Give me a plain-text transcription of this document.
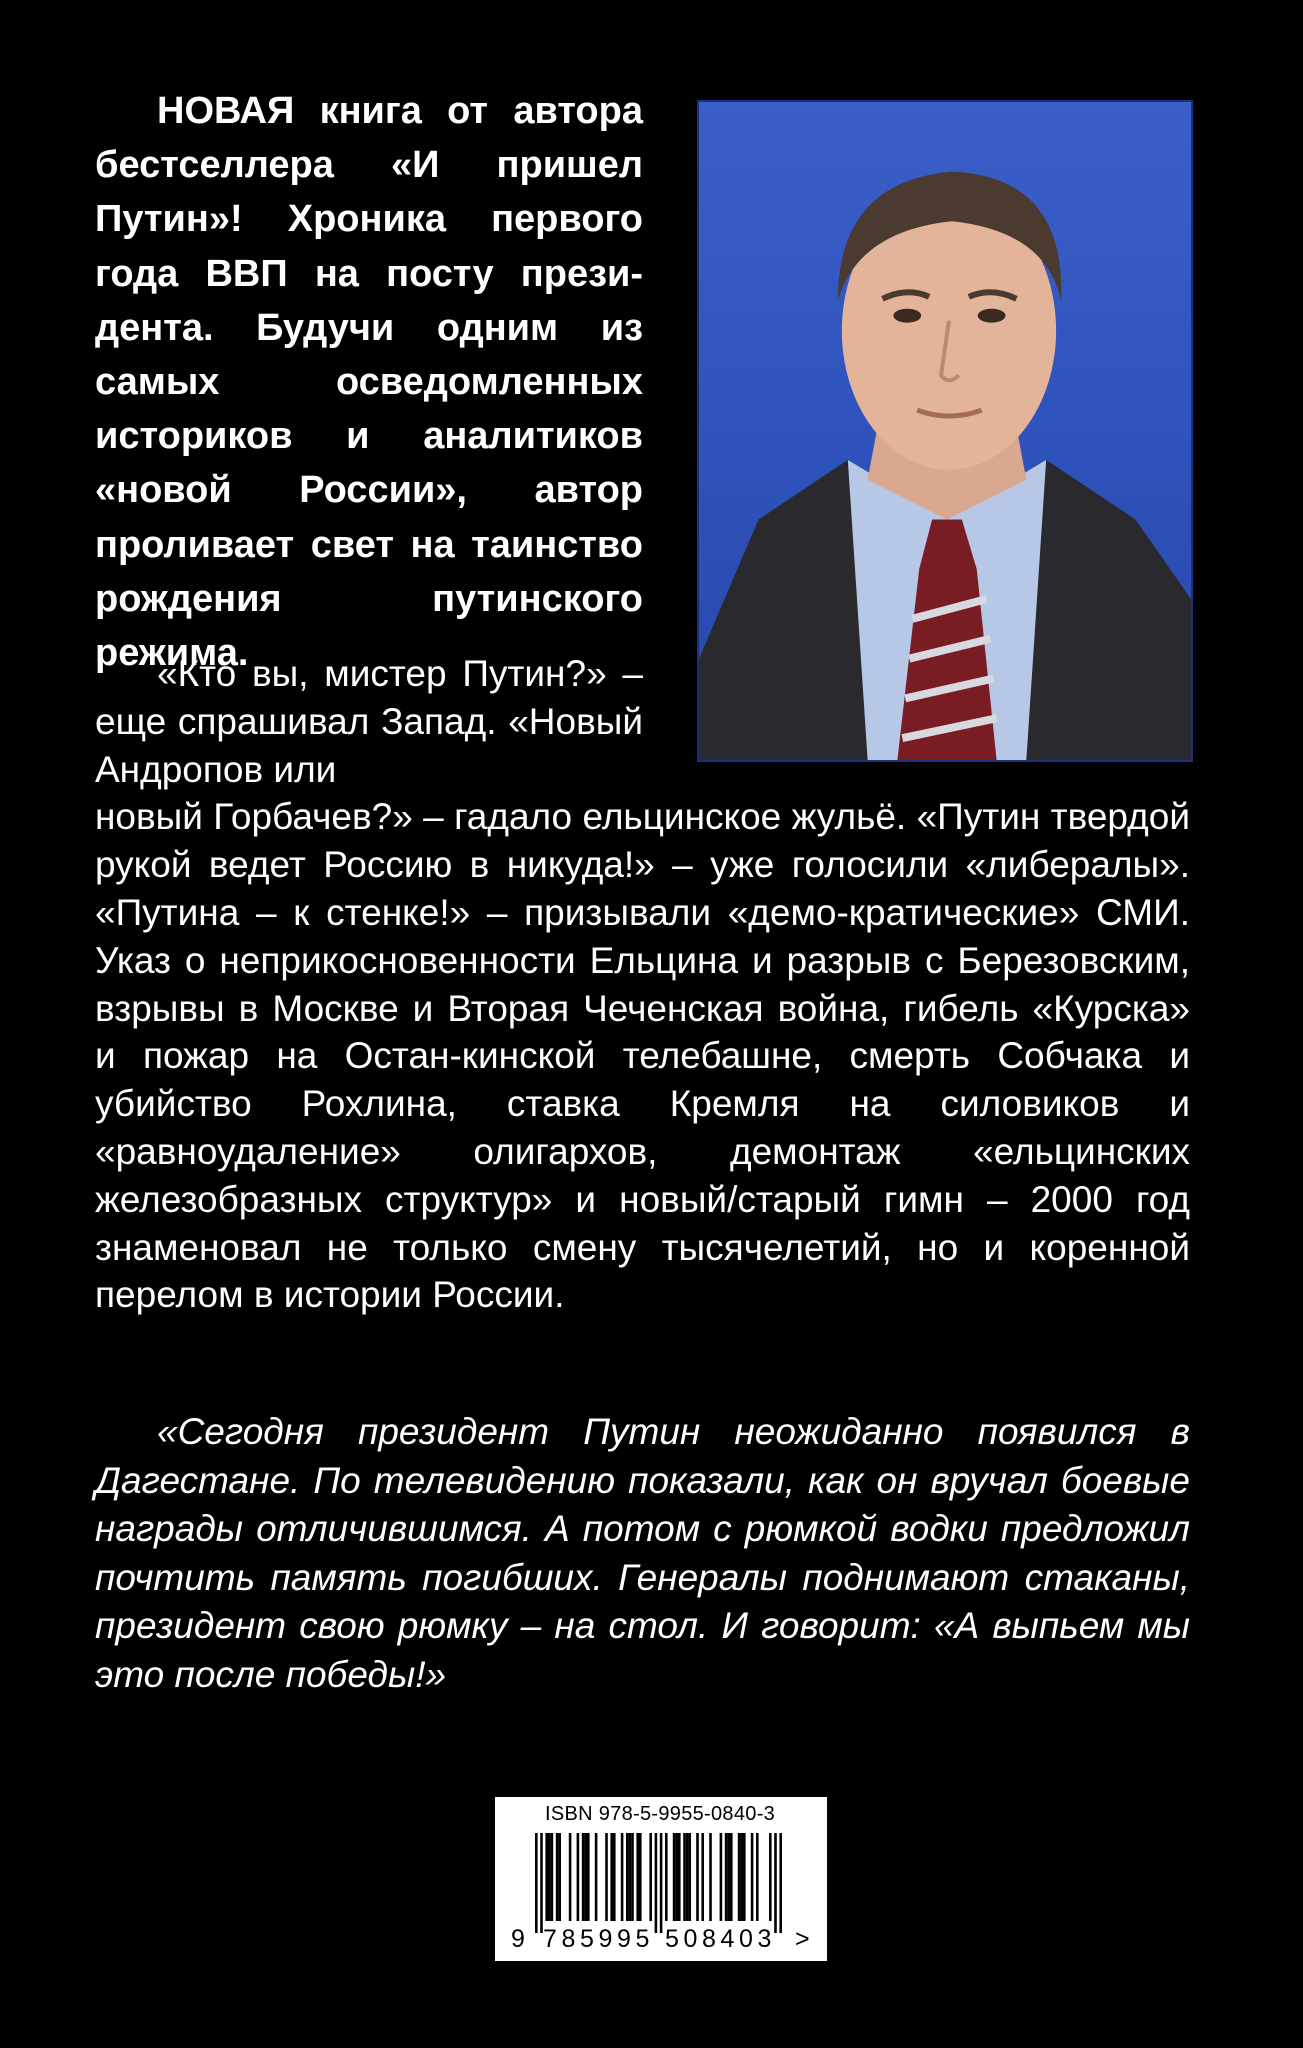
НОВАЯ книга от автора бестселлера «И пришел Путин»! Хроника первого года ВВП на посту прези-дента. Будучи одним из самых осведомленных историков и аналитиков «новой России», автор проливает свет на таинство рождения путинского режима.

«Кто вы, мистер Путин?» – еще спрашивал Запад. «Новый Андропов или
новый Горбачев?» – гадало ельцинское жульё. «Путин твердой рукой ведет Россию в никуда!» – уже голосили «либералы». «Путина – к стенке!» – призывали «демо-кратические» СМИ. Указ о неприкосновенности Ельцина и разрыв с Березовским, взрывы в Москве и Вторая Чеченская война, гибель «Курска» и пожар на Остан-кинской телебашне, смерть Собчака и убийство Рохлина, ставка Кремля на силовиков и «равноудаление» олигархов, демонтаж «ельцинских железобразных структур» и новый/старый гимн – 2000 год знаменовал не только смену тысячелетий, но и коренной перелом в истории России.

«Сегодня президент Путин неожиданно появился в Дагестане. По телевидению показали, как он вручал боевые награды отличившимся. А потом с рюмкой водки предложил почтить память погибших. Генералы поднимают стаканы, президент свою рюмку – на стол. И говорит: «А выпьем мы это после победы!»

ISBN 978-5-9955-0840-3
9 785995 508403 >
